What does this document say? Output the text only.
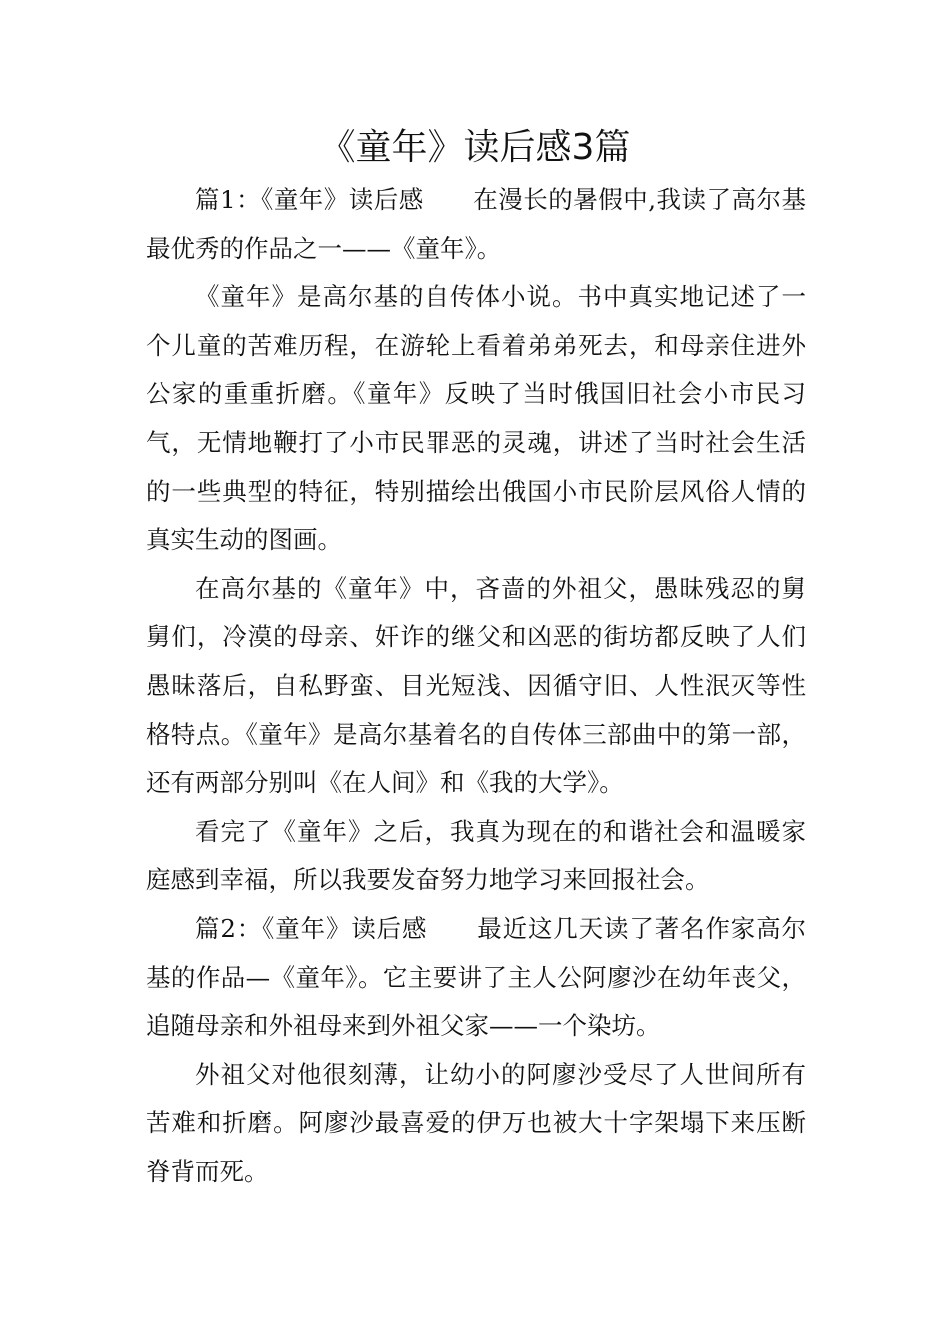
《童年》读后感3篇

篇1：《童年》读后感 在漫长的暑假中,我读了高尔基最优秀的作品之一——《童年》。

《童年》是高尔基的自传体小说。书中真实地记述了一个儿童的苦难历程，在游轮上看着弟弟死去，和母亲住进外公家的重重折磨。《童年》反映了当时俄国旧社会小市民习气，无情地鞭打了小市民罪恶的灵魂，讲述了当时社会生活的一些典型的特征，特别描绘出俄国小市民阶层风俗人情的真实生动的图画。

在高尔基的《童年》中，吝啬的外祖父，愚昧残忍的舅舅们，冷漠的母亲、奸诈的继父和凶恶的街坊都反映了人们愚昧落后，自私野蛮、目光短浅、因循守旧、人性泯灭等性格特点。《童年》是高尔基着名的自传体三部曲中的第一部，还有两部分别叫《在人间》和《我的大学》。

看完了《童年》之后，我真为现在的和谐社会和温暖家庭感到幸福，所以我要发奋努力地学习来回报社会。

篇2：《童年》读后感 最近这几天读了著名作家高尔基的作品—《童年》。它主要讲了主人公阿廖沙在幼年丧父，追随母亲和外祖母来到外祖父家——一个染坊。

外祖父对他很刻薄，让幼小的阿廖沙受尽了人世间所有苦难和折磨。阿廖沙最喜爱的伊万也被大十字架塌下来压断脊背而死。
